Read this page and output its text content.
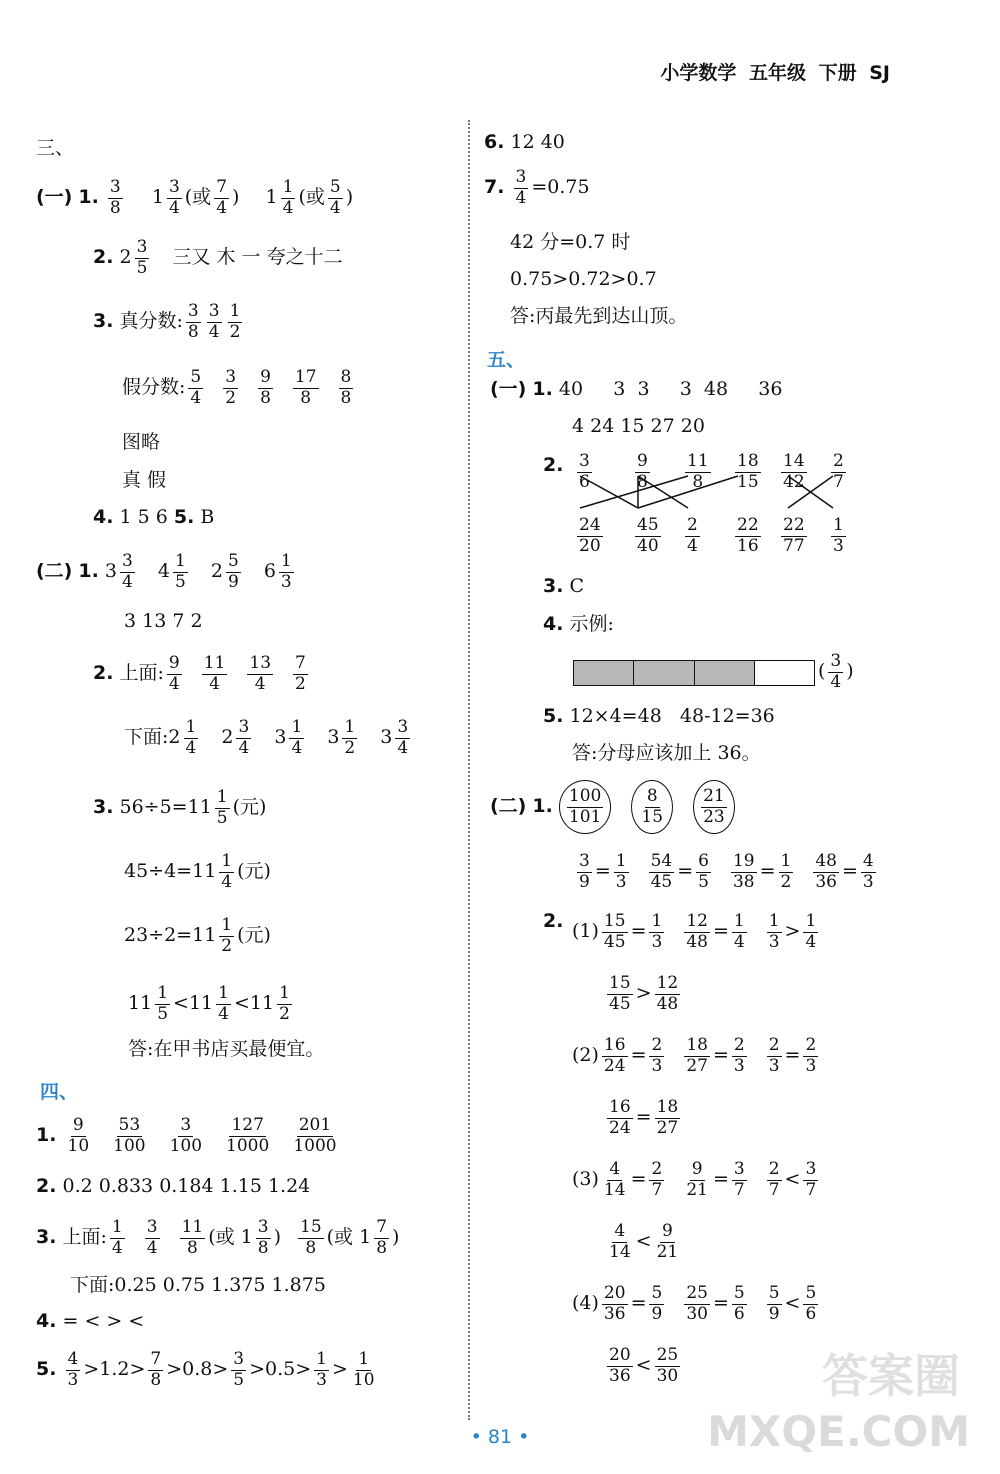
小学数学 五年级 下册 SJ
三、
(一) 1. $\frac{3}{8} 1 \frac{3}{4}$ (或 $\frac{7}{4}$ ) $1 \frac{1}{4}$ (或 $\frac{5}{4}$ )
2. $2 \frac{3}{5}$ 三又 木 一 夸之十二
3. 真分数: $\frac{3}{8} \frac{3}{4} \frac{1}{2}$
假分数: $\frac{5}{4} \frac{3}{2} \frac{9}{8} \frac{17}{8} \frac{8}{8}$
图略
真 假
4. 1 5 6 5. B
(二) 1. $3 \frac{3}{4} 4 \frac{1}{5} 2 \frac{5}{9} 6 \frac{1}{3}$
3 13 7 2
2. 上面: $\frac{9}{4} \frac{11}{4} \frac{13}{4} \frac{7}{2}$
下面:2 $\frac{1}{4} 2 \frac{3}{4} 3 \frac{1}{4} 3 \frac{1}{2} 3 \frac{3}{4}$
3. $56\div 5=11 \frac{1}{5}$ (元)
$45\div 4=11 \frac{1}{4}$ (元)
$23\div 2=11 \frac{1}{2}$ (元)
$11 \frac{1}{5} <11 \frac{1}{4} <11 \frac{1}{2}$
答:在甲书店买最便宜。
四、
1. $\frac{9}{10} \frac{53}{100} \frac{3}{100} \frac{127}{1000} \frac{201}{1000}$
2. 0.2 0.833 0.184 1.15 1.24
3. 上面: $\frac{1}{4} \frac{3}{4} \frac{11}{8}$ (或 $1 \frac{3}{8}$ ) $\frac{15}{8}$ (或 $1 \frac{7}{8}$ )
下面:0.25 0.75 1.375 1.875
4. = < > <
5. $\frac{4}{3} >1.2> \frac{7}{8} >0.8> \frac{3}{5} >0.5> \frac{1}{3} > \frac{1}{10}$
6. 12 40
7. $\frac{3}{4} =0.75$
42 分=0.7 时
0.75>0.72>0.7
答:丙最先到达山顶。
五、
(一) 1. 40     3  3     3  48     36
4 24 15 27 20
2. $\frac{3}{6}$	$\frac{9}{8} \frac{11}{8} \frac{18}{15} \frac{14}{42} \frac{2}{7}$
$\frac{24}{20} \frac{45}{40} \frac{2}{4} \frac{22}{16} \frac{22}{77} \frac{1}{3}$
3. C
4. 示例:
( $\frac{3}{4}$ )
5. 12×4=48   48-12=36
答:分母应该加上 36。
(二) 1. $\frac{100}{101}$
$\frac{8}{15}$
$\frac{21}{23}$
$\frac{3}{9} = \frac{1}{3} \frac{54}{45} = \frac{6}{5} \frac{19}{38} = \frac{1}{2} \frac{48}{36} = \frac{4}{3}$
2. $(1) \frac{15}{45} = \frac{1}{3} \frac{12}{48} = \frac{1}{4} \frac{1}{3} > \frac{1}{4}$
$\frac{15}{45} > \frac{12}{48}$
$(2) \frac{16}{24} = \frac{2}{3} \frac{18}{27} = \frac{2}{3} \frac{2}{3} = \frac{2}{3}$
$\frac{16}{24} = \frac{18}{27}$
$(3) \frac{4}{14} = \frac{2}{7} \frac{9}{21} = \frac{3}{7} \frac{2}{7} < \frac{3}{7}$
$\frac{4}{14} < \frac{9}{21}$
$(4) \frac{20}{36} = \frac{5}{9} \frac{25}{30} = \frac{5}{6} \frac{5}{9} < \frac{5}{6}$
$\frac{20}{36} < \frac{25}{30}$
• 81 •
答案圈
MXQE.COM
